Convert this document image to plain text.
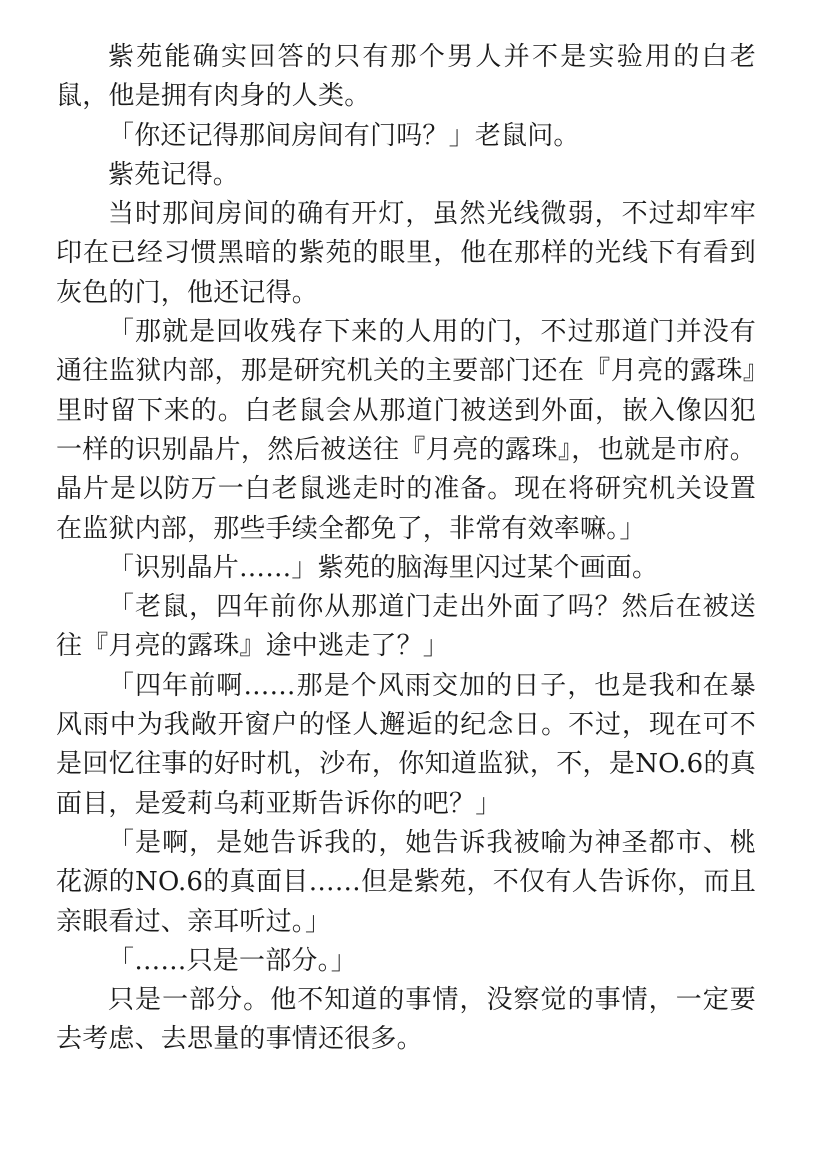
紫苑能确实回答的只有那个男人并不是实验用的白老鼠，他是拥有肉身的人类。

「你还记得那间房间有门吗？」老鼠问。

紫苑记得。

当时那间房间的确有开灯，虽然光线微弱，不过却牢牢印在已经习惯黑暗的紫苑的眼里，他在那样的光线下有看到灰色的门，他还记得。

「那就是回收残存下来的人用的门，不过那道门并没有通往监狱内部，那是研究机关的主要部门还在『月亮的露珠』里时留下来的。白老鼠会从那道门被送到外面，嵌入像囚犯一样的识别晶片，然后被送往『月亮的露珠』，也就是市府。晶片是以防万一白老鼠逃走时的准备。现在将研究机关设置在监狱内部，那些手续全都免了，非常有效率嘛。」

「识别晶片……」紫苑的脑海里闪过某个画面。

「老鼠，四年前你从那道门走出外面了吗？然后在被送往『月亮的露珠』途中逃走了？」

「四年前啊……那是个风雨交加的日子，也是我和在暴风雨中为我敞开窗户的怪人邂逅的纪念日。不过，现在可不是回忆往事的好时机，沙布，你知道监狱，不，是NO.6的真面目，是爱莉乌莉亚斯告诉你的吧？」

「是啊，是她告诉我的，她告诉我被喻为神圣都市、桃花源的NO.6的真面目……但是紫苑，不仅有人告诉你，而且亲眼看过、亲耳听过。」

「……只是一部分。」

只是一部分。他不知道的事情，没察觉的事情，一定要去考虑、去思量的事情还很多。
